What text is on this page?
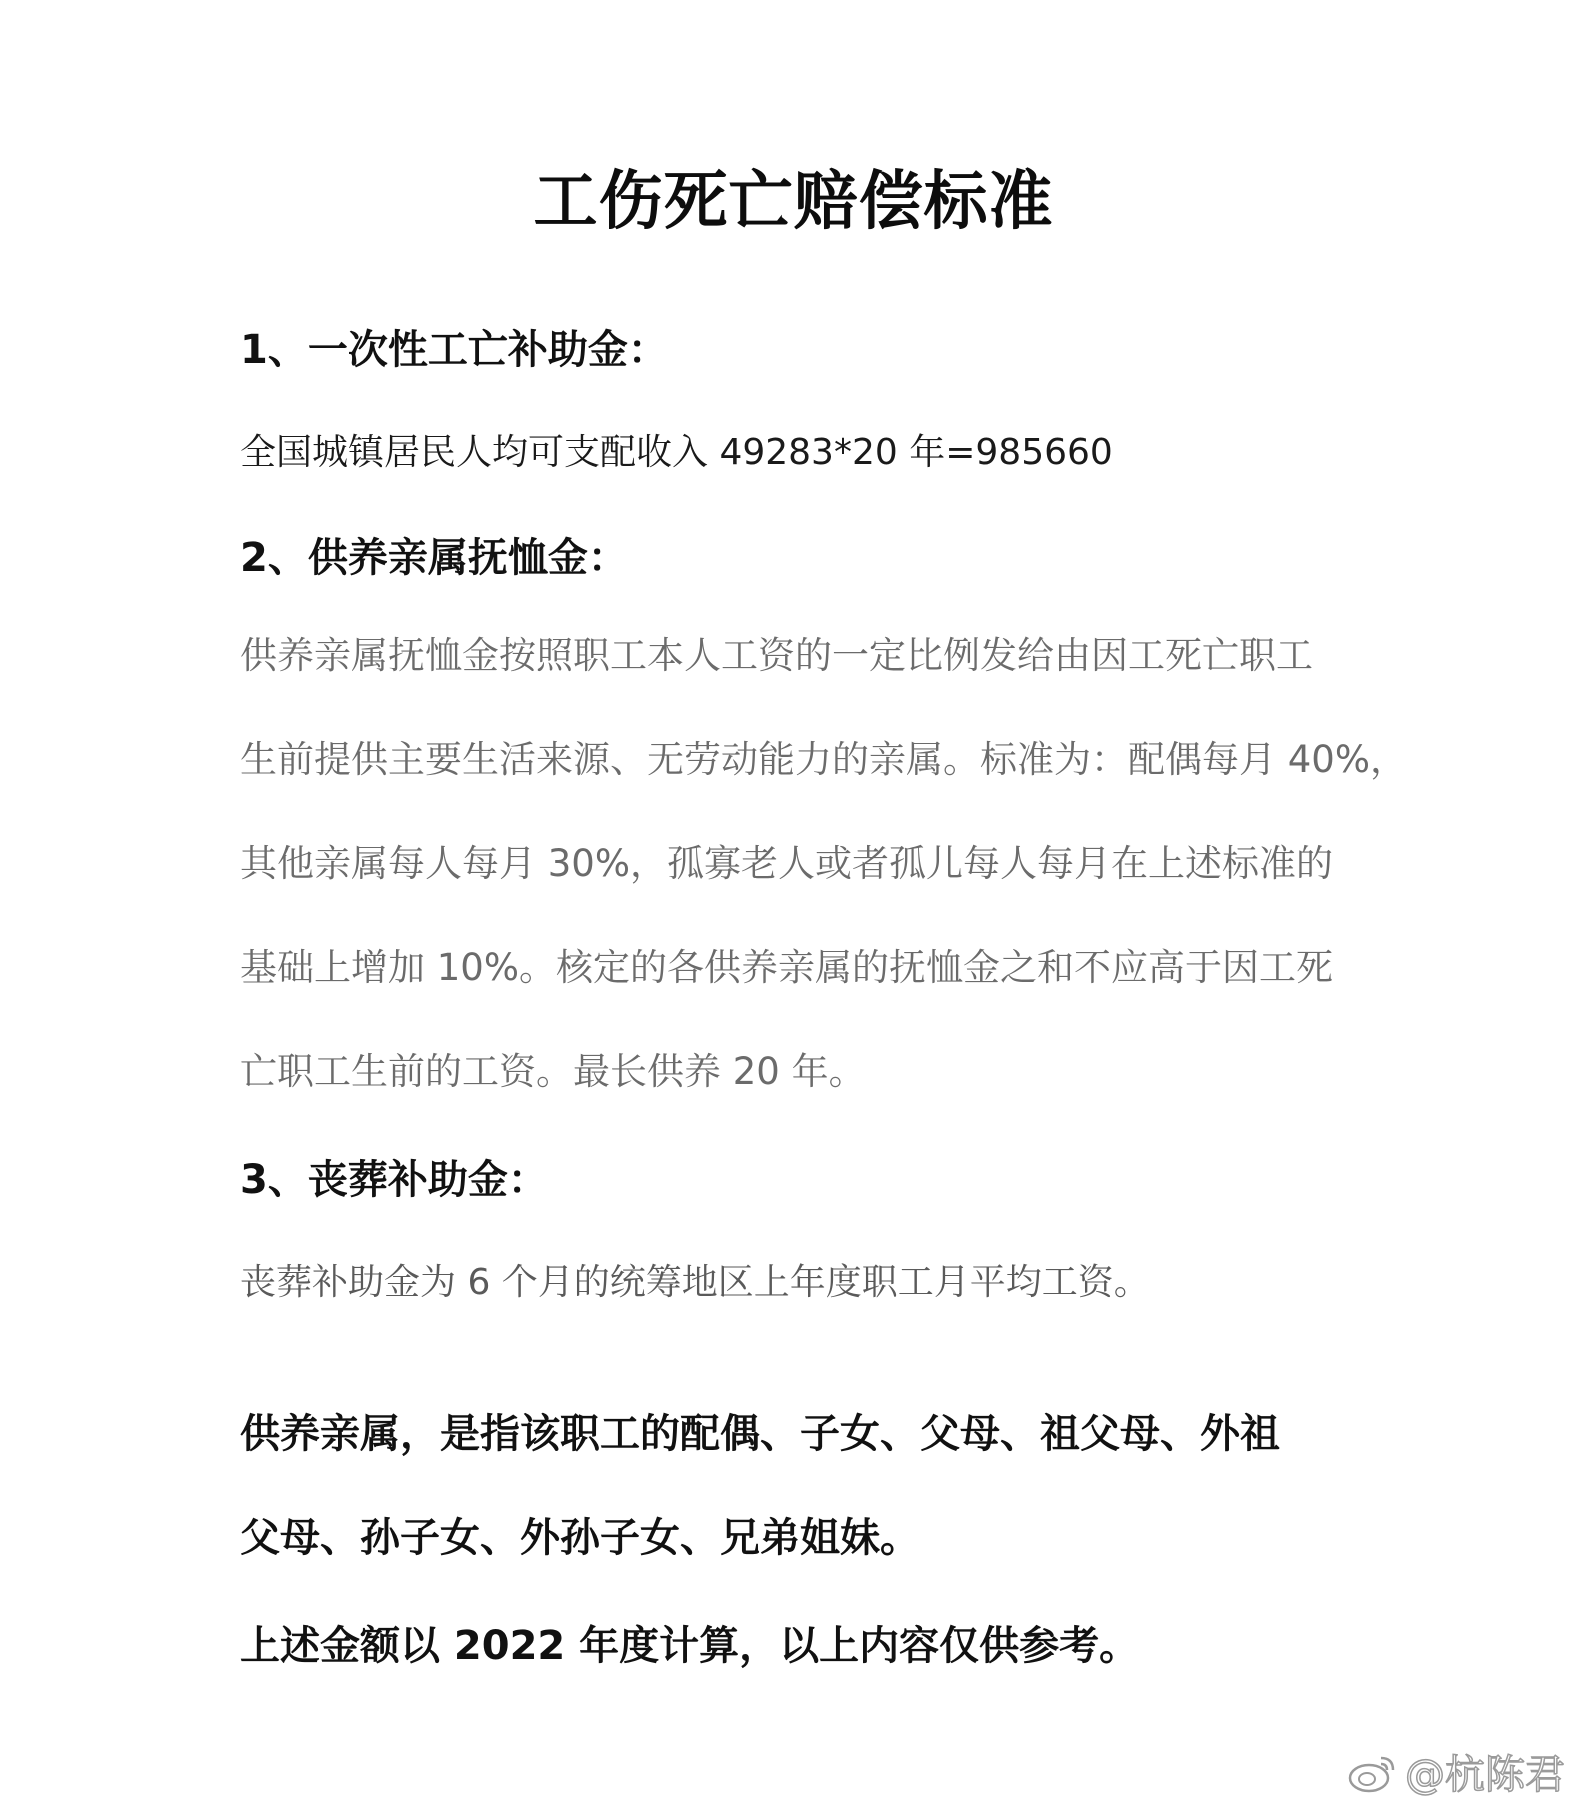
工伤死亡赔偿标准
1、一次性工亡补助金：

全国城镇居民人均可支配收入 49283*20 年=985660

2、供养亲属抚恤金：
供养亲属抚恤金按照职工本人工资的一定比例发给由因工死亡职工
生前提供主要生活来源、无劳动能力的亲属。标准为：配偶每月 40%，
其他亲属每人每月 30%，孤寡老人或者孤儿每人每月在上述标准的
基础上增加 10%。核定的各供养亲属的抚恤金之和不应高于因工死
亡职工生前的工资。最长供养 20 年。
3、丧葬补助金：

丧葬补助金为 6 个月的统筹地区上年度职工月平均工资。

供养亲属，是指该职工的配偶、子女、父母、祖父母、外祖
父母、孙子女、外孙子女、兄弟姐妹。

上述金额以 2022 年度计算，以上内容仅供参考。

@杭陈君
